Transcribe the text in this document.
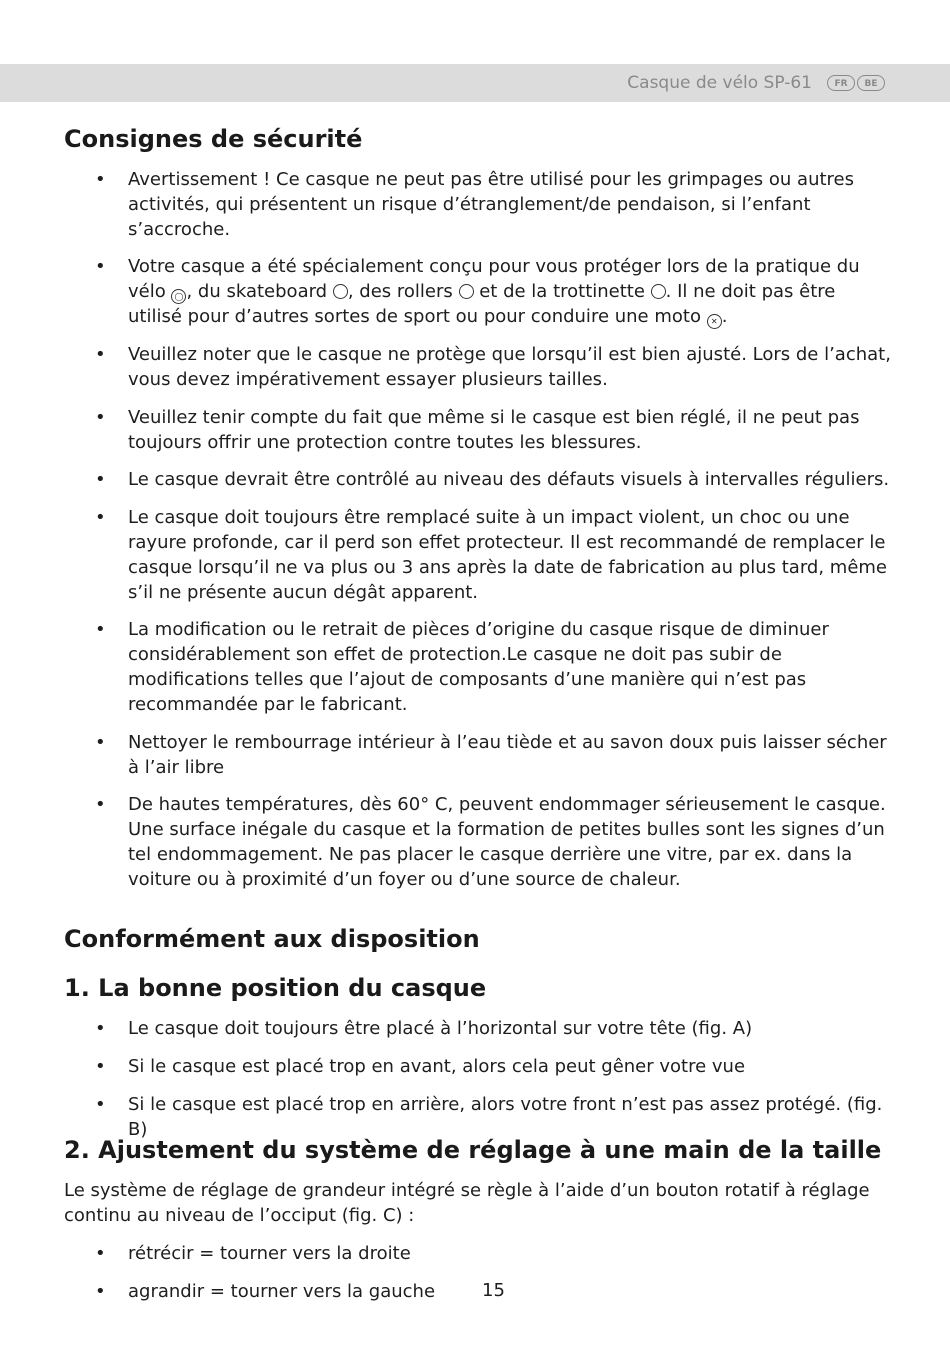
Casque de vélo SP-61	FR	BE
Consignes de sécurité
• Avertissement ! Ce casque ne peut pas être utilisé pour les grimpages ou autres activités, qui présentent un risque d’étranglement/de pendaison, si l’enfant s’accroche.
• Votre casque a été spécialement conçu pour vous protéger lors de la pratique du vélo ◯ , du skateboard , des rollers et de la trottinette . Il ne doit pas être utilisé pour d’autres sortes de sport ou pour conduire une moto ✕ .
• Veuillez noter que le casque ne protège que lorsqu’il est bien ajusté. Lors de l’achat, vous devez impérativement essayer plusieurs tailles.
• Veuillez tenir compte du fait que même si le casque est bien réglé, il ne peut pas toujours offrir une protection contre toutes les blessures.
• Le casque devrait être contrôlé au niveau des défauts visuels à intervalles réguliers.
• Le casque doit toujours être remplacé suite à un impact violent, un choc ou une rayure profonde, car il perd son effet protecteur. Il est recommandé de remplacer le casque lorsqu’il ne va plus ou 3 ans après la date de fabrication au plus tard, même s’il ne présente aucun dégât apparent.
• La modification ou le retrait de pièces d’origine du casque risque de diminuer considérablement son effet de protection.Le casque ne doit pas subir de modifications telles que l’ajout de composants d’une manière qui n’est pas recommandée par le fabricant.
• Nettoyer le rembourrage intérieur à l’eau tiède et au savon doux puis laisser sécher à l’air libre
• De hautes températures, dès 60° C, peuvent endommager sérieusement le casque. Une surface inégale du casque et la formation de petites bulles sont les signes d’un tel endommagement. Ne pas placer le casque derrière une vitre, par ex. dans la voiture ou à proximité d’un foyer ou d’une source de chaleur.
Conformément aux disposition
1. La bonne position du casque
• Le casque doit toujours être placé à l’horizontal sur votre tête (fig. A)
• Si le casque est placé trop en avant, alors cela peut gêner votre vue
• Si le casque est placé trop en arrière, alors votre front n’est pas assez protégé. (fig. B)
2. Ajustement du système de réglage à une main de la taille
Le système de réglage de grandeur intégré se règle à l’aide d’un bouton rotatif à réglage continu au niveau de l’occiput (fig. C) :
• rétrécir = tourner vers la droite
• agrandir = tourner vers la gauche	15
